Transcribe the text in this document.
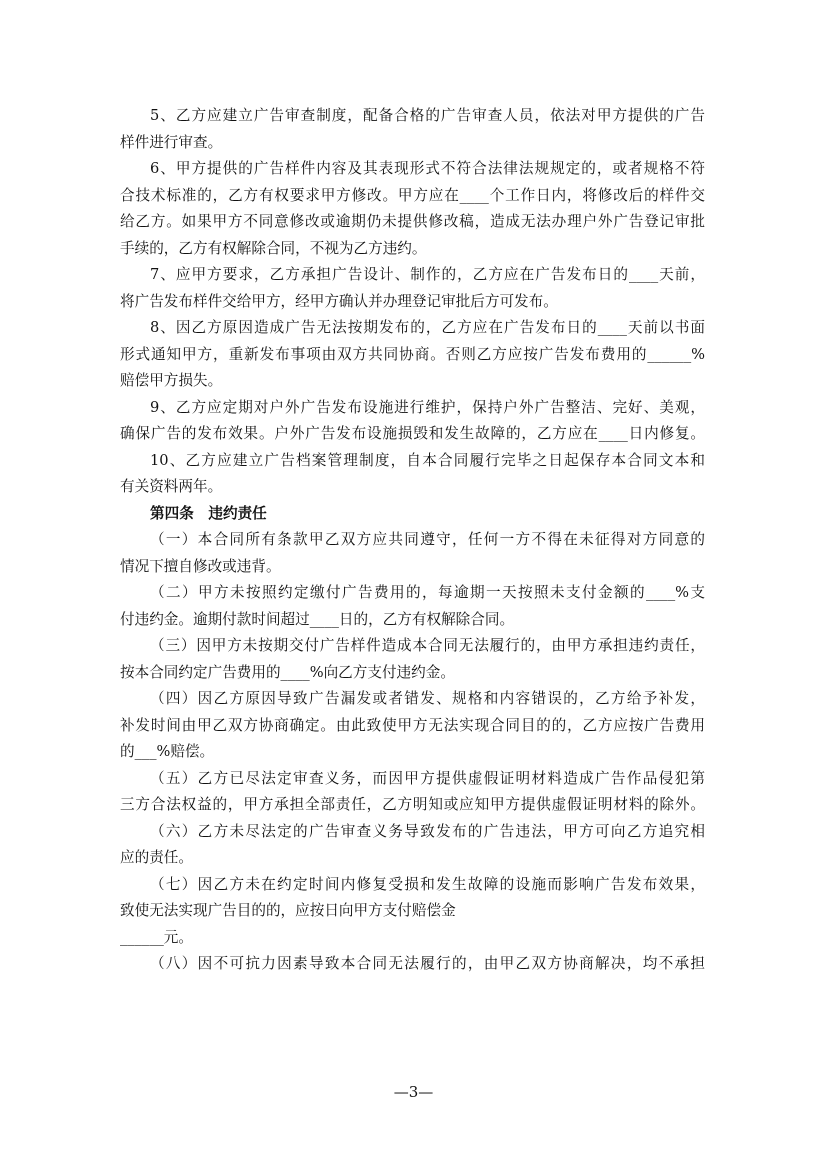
5、乙方应建立广告审查制度，配备合格的广告审查人员，依法对甲方提供的广告
样件进行审查。
6、甲方提供的广告样件内容及其表现形式不符合法律法规规定的，或者规格不符
合技术标准的，乙方有权要求甲方修改。甲方应在____个工作日内，将修改后的样件交
给乙方。如果甲方不同意修改或逾期仍未提供修改稿，造成无法办理户外广告登记审批
手续的，乙方有权解除合同，不视为乙方违约。
7、应甲方要求，乙方承担广告设计、制作的，乙方应在广告发布日的____天前，
将广告发布样件交给甲方，经甲方确认并办理登记审批后方可发布。
8、因乙方原因造成广告无法按期发布的，乙方应在广告发布日的____天前以书面
形式通知甲方，重新发布事项由双方共同协商。否则乙方应按广告发布费用的______%
赔偿甲方损失。
9、乙方应定期对户外广告发布设施进行维护，保持户外广告整洁、完好、美观，
确保广告的发布效果。户外广告发布设施损毁和发生故障的，乙方应在____日内修复。
10、乙方应建立广告档案管理制度，自本合同履行完毕之日起保存本合同文本和
有关资料两年。
第四条　违约责任
（一）本合同所有条款甲乙双方应共同遵守，任何一方不得在未征得对方同意的
情况下擅自修改或违背。
（二）甲方未按照约定缴付广告费用的，每逾期一天按照未支付金额的____%支
付违约金。逾期付款时间超过____日的，乙方有权解除合同。
（三）因甲方未按期交付广告样件造成本合同无法履行的，由甲方承担违约责任，
按本合同约定广告费用的____%向乙方支付违约金。
（四）因乙方原因导致广告漏发或者错发、规格和内容错误的，乙方给予补发，
补发时间由甲乙双方协商确定。由此致使甲方无法实现合同目的的，乙方应按广告费用
的___%赔偿。
（五）乙方已尽法定审查义务，而因甲方提供虚假证明材料造成广告作品侵犯第
三方合法权益的，甲方承担全部责任，乙方明知或应知甲方提供虚假证明材料的除外。
（六）乙方未尽法定的广告审查义务导致发布的广告违法，甲方可向乙方追究相
应的责任。
（七）因乙方未在约定时间内修复受损和发生故障的设施而影响广告发布效果，
致使无法实现广告目的的，应按日向甲方支付赔偿金
______元。
（八）因不可抗力因素导致本合同无法履行的，由甲乙双方协商解决，均不承担
—3—
